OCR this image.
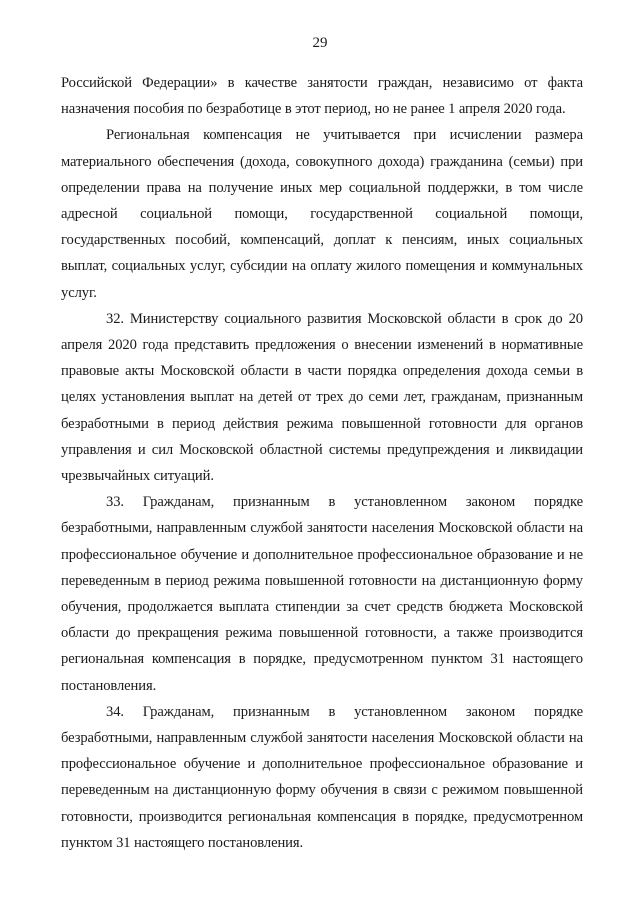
29

Российской Федерации» в качестве занятости граждан, независимо от факта назначения пособия по безработице в этот период, но не ранее 1 апреля 2020 года.

Региональная компенсация не учитывается при исчислении размера материального обеспечения (дохода, совокупного дохода) гражданина (семьи) при определении права на получение иных мер социальной поддержки, в том числе адресной социальной помощи, государственной социальной помощи, государственных пособий, компенсаций, доплат к пенсиям, иных социальных выплат, социальных услуг, субсидии на оплату жилого помещения и коммунальных услуг.

32. Министерству социального развития Московской области в срок до 20 апреля 2020 года представить предложения о внесении изменений в нормативные правовые акты Московской области в части порядка определения дохода семьи в целях установления выплат на детей от трех до семи лет, гражданам, признанным безработными в период действия режима повышенной готовности для органов управления и сил Московской областной системы предупреждения и ликвидации чрезвычайных ситуаций.

33. Гражданам, признанным в установленном законом порядке безработными, направленным службой занятости населения Московской области на профессиональное обучение и дополнительное профессиональное образование и не переведенным в период режима повышенной готовности на дистанционную форму обучения, продолжается выплата стипендии за счет средств бюджета Московской области до прекращения режима повышенной готовности, а также производится региональная компенсация в порядке, предусмотренном пунктом 31 настоящего постановления.

34. Гражданам, признанным в установленном законом порядке безработными, направленным службой занятости населения Московской области на профессиональное обучение и дополнительное профессиональное образование и переведенным на дистанционную форму обучения в связи с режимом повышенной готовности, производится региональная компенсация в порядке, предусмотренном пунктом 31 настоящего постановления.
